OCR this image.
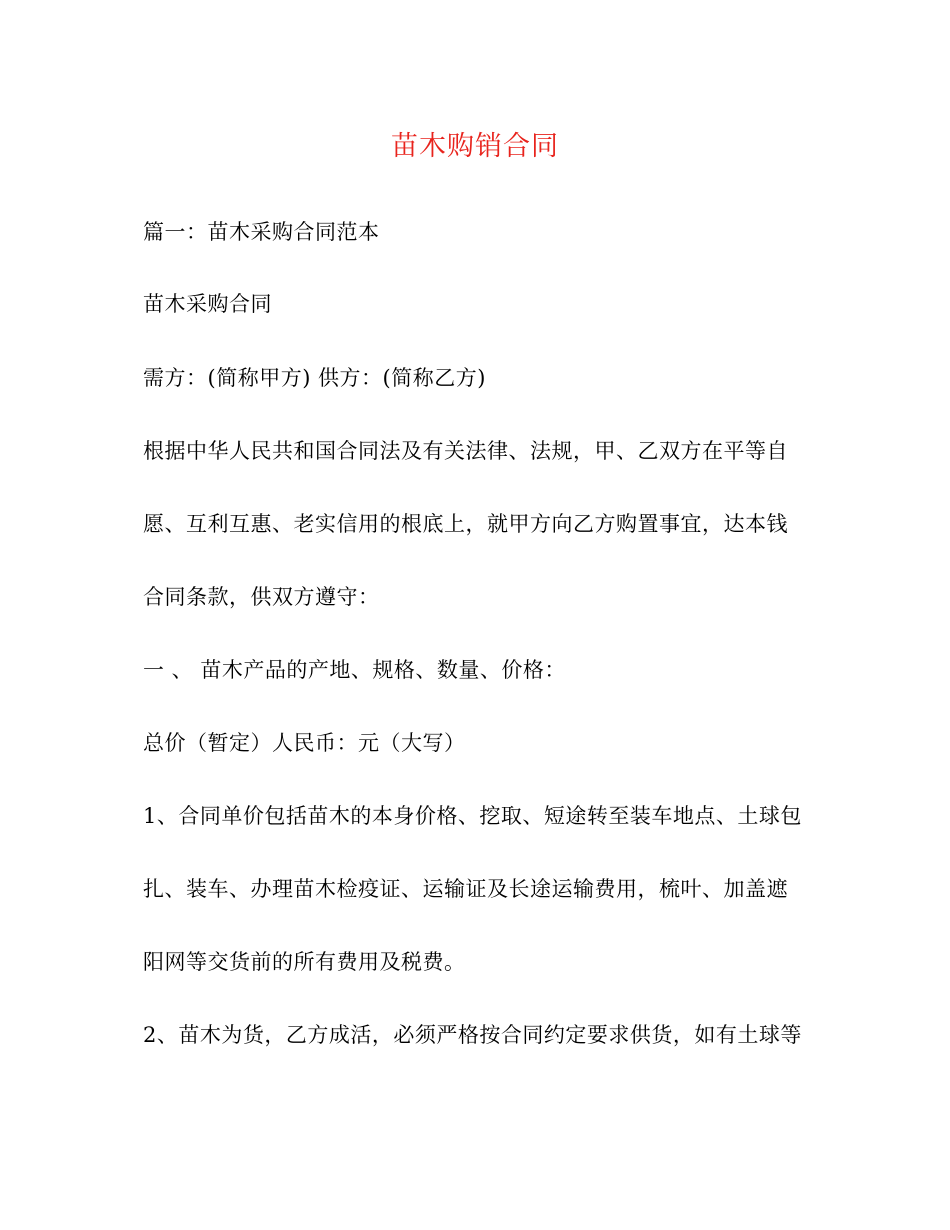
苗木购销合同
篇一：苗木采购合同范本
苗木采购合同
需方：(简称甲方) 供方：(简称乙方)
根据中华人民共和国合同法及有关法律、法规，甲、乙双方在平等自
愿、互利互惠、老实信用的根底上，就甲方向乙方购置事宜，达本钱
合同条款，供双方遵守：
一 、 苗木产品的产地、规格、数量、价格：
总价（暂定）人民币：元（大写）
1、合同单价包括苗木的本身价格、挖取、短途转至装车地点、土球包
扎、装车、办理苗木检疫证、运输证及长途运输费用，梳叶、加盖遮
阳网等交货前的所有费用及税费。
2、苗木为货，乙方成活，必须严格按合同约定要求供货，如有土球等
